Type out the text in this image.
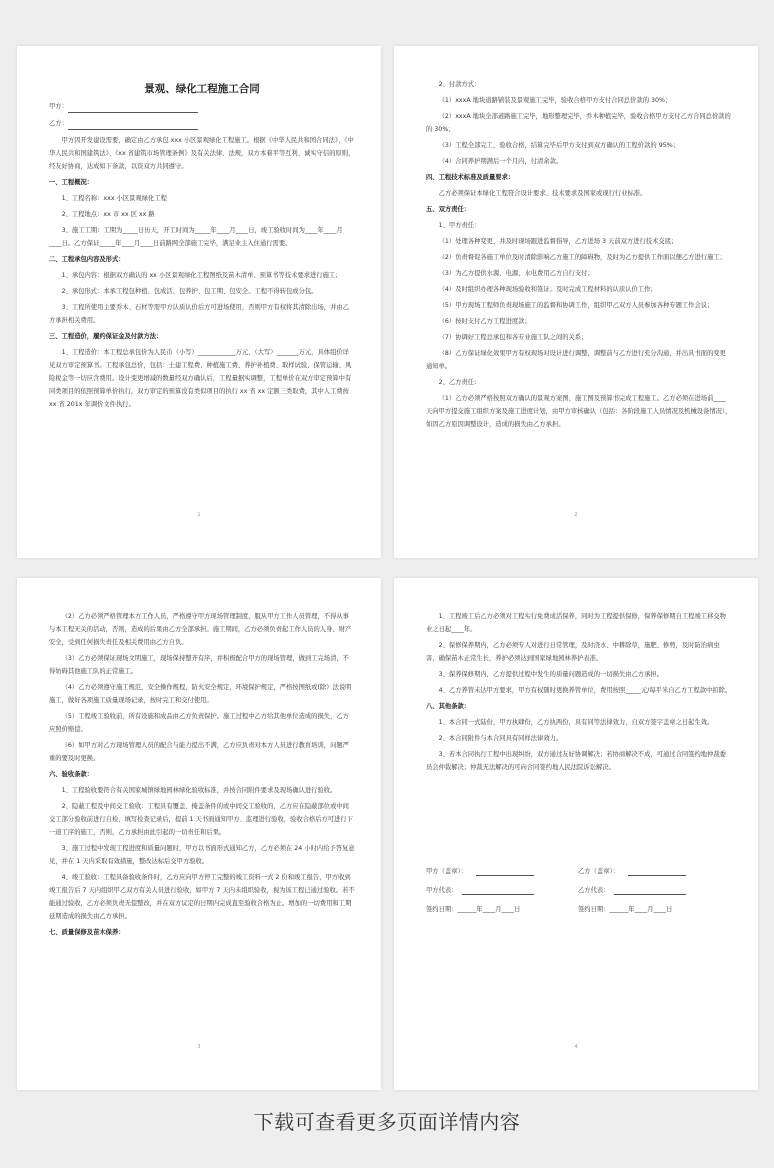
景观、绿化工程施工合同

甲方：

乙方：

甲方因开发建设需要，确定由乙方承包 xxx 小区景观绿化工程施工。根据《中华人民共和国合同法》、《中华人民共和国建筑法》、《xx 省建筑市场管理条例》及有关法律、法规，双方本着平等互利、诚实守信的原则，经友好协商，达成如下条款，以资双方共同遵守。

一、工程概况：

1、工程名称：xxx 小区景观绿化工程

2、工程地点：xx 市 xx 区 xx 路

3、施工工期：工期为_____日历天，开工时间为_____年____月____日，竣工验收时间为____年____月____日。乙方保证_____年____月____日前路网全部施工完毕，满足业主入住通行需要。

二、工程承包内容及形式：

1、承包内容：根据双方确认的 xx 小区景观绿化工程图纸及苗木清单、预算书等技术要求进行施工；

2、承包形式：本承工程包种植、包成活、包养护、包工期、包安全。工程不得转包或分包。

3、工程所使用主要乔木、石材等需甲方认质认价后方可进场使用，否则甲方有权将其清除出场，并由乙方承担相关费用。

三、工程造价，履约保证金及付款方法：

1、工程造价：本工程总承包价为人民币（小写）____________万元，（大写）_______万元，具体组价详见双方审定预算书。工程承包总价，包括：土建工程费、种植施工费、养护补植费、取样试验、保管运输、风险税金等一切应含费用。设计变更增减的数量经双方确认后，工程量据实调整，工程单价在双方审定预算中有同类项目的依照预算单价执行，双方审定的预算没有类似项目的执行 xx 省 xx 定额三类取费，其中人工费按 xx 省 201x 年调价文件执行。

1

2、付款方式：

（1）xxxA 地块道路铺装及景观施工完毕，验收合格甲方支付合同总价款的 30%；

（2）xxxA 地块全部道路施工完毕，地形整理完毕，乔木种植完毕，验收合格甲方支付乙方合同总价款的的 30%；

（3）工程全部完工，验收合格，结算完毕后甲方支付到双方确认的工程价款的 95%；

（4）合同养护期满后一个月内，付清余款。

四、工程技术标准及质量要求：

乙方必须保证本绿化工程符合设计要求、技术要求及国家或现行行业标准。

五、双方责任：

1、甲方责任：

（1）处理各种变更，并及时现场跟进监督指导，乙方进场 3 天前双方进行技术交底；

（2）负责督促各施工单位及时清除影响乙方施工的障碍物，及时为乙方提供工作面以便乙方进行施工；

（3）为乙方提供水源、电源，水电费用乙方自行支付；

（4）及时组织办理各种现场验收和签证；及时完成工程材料的认质认价工作；

（5）甲方现场工程师负责现场施工的监督和协调工作，组织甲乙双方人员参加各种专题工作会议；

（6）按时支付乙方工程进度款；

（7）协调好工程总承包和各专业施工队之间的关系；

（8）乙方保证绿化效果甲方有权现场对设计进行调整，调整前与乙方进行充分沟通，并出具书面的变更通知单。

2、乙方责任：

（1）乙方必须严格按照双方确认的景观方案图、施工图及预算书完成工程施工。乙方必须在进场前____天向甲方提交施工组织方案及施工进度计划，由甲方审核确认（包括：各阶段施工人员情况及机械设备情况），如因乙方原因调整设计，造成的损失由乙方承担。

2

（2）乙方必须严格管理本方工作人员，严格遵守甲方现场管理制度，服从甲方工作人员管理，不得从事与本工程无关的活动，否则，造成的后果由乙方全部承担。施工期间，乙方必须负责起工作人员的人身、财产安全，受到任何损失责任及相关费用由乙方自负。

（3）乙方必须保证现场文明施工，现场保持整齐有序，并积极配合甲方的现场管理，做到工完场清，不得妨碍其他施工队的正常施工。

（4）乙方必须遵守施工规范，安全操作规程，防火安全规定，环境保护规定，严格按图纸或(除）法说明施工，做好各项施工质量现场记录，按时完工和交付使用。

（5）工程竣工验收前，所有设施和成品由乙方负责保护。施工过程中乙方给其他单位造成的损失，乙方应照价赔偿。

（6）如甲方对乙方现场管理人员的配合与能力提出不满，乙方应负责对本方人员进行教育培训，问题严重的要及时更换。

六、验收条款：

1、工程验收要符合有关国家城镇绿地园林绿化验收标准，并按合同附件要求及现场确认进行验收。

2、隐蔽工程及中间交工验收：工程具有覆盖、掩盖条件的或中间交工验收的，乙方应在隐蔽部位或中间交工部分验收前进行自检，填写检查记录后，提前 1 天书面通知甲方、监理进行验收，验收合格后方可进行下一道工序的施工，否则，乙方承担由此引起的一切责任和后果。

3、施工过程中发现工程进度和质量问题时，甲方以书面形式通知乙方，乙方必须在 24 小时内给予答复意见，并在 1 天内采取有效措施，整改达标后交甲方验收。

4、竣工验收：工程具备验收条件时，乙方应向甲方停工完整的竣工资料一式 2 份和竣工报告，甲方收到竣工报告后 7 天内组织甲乙双方有关人员进行验收，如甲方 7 天内未组织验收，视为该工程已通过验收。若不能通过验收，乙方必须负责无偿整改，并在双方议定的日期内完成直至验收合格为止。增加的一切费用和工期延期造成的损失由乙方承担。

七、质量保修及苗木保养：

3

1、工程竣工后乙方必须对工程实行免费成活保养，同时为工程提供保修，保养保修期自工程竣工移交物业之日起____年。

2、保修保养期内，乙方必须专人对进行日常管理，及时浇水、中耕除草，施肥、修剪，及时防治病虫害，确保苗木正常生长，养护必须达到国家绿地园林养护表准。

3、保养保修期内，乙方提供过程中发生的质量问题造成的一切损失由乙方承担。

4、乙方养管未达甲方要求，甲方有权随时更换养管单位，费用按照_____元/每平米自乙方工程款中扣除。

八、其他条款：

1、本合同一式陆份，甲方执肆份，乙方执两份，具有同等法律效力，自双方签字盖章之日起生效。

2、本合同附件与本合同具有同样法律效力。

3、若本合同执行工程中出现纠纷，双方通过友好协调解决；若协商解决不成，可通过合同签约地仲裁委员会仲裁解决；仲裁无法解决的可向合同签约地人民法院诉讼解决。

甲方（盖章）：	乙方（盖章）：
甲方代表：	乙方代表：
签约日期：______年____月____日	签约日期：______年____月____日
4
下载可查看更多页面详情内容
